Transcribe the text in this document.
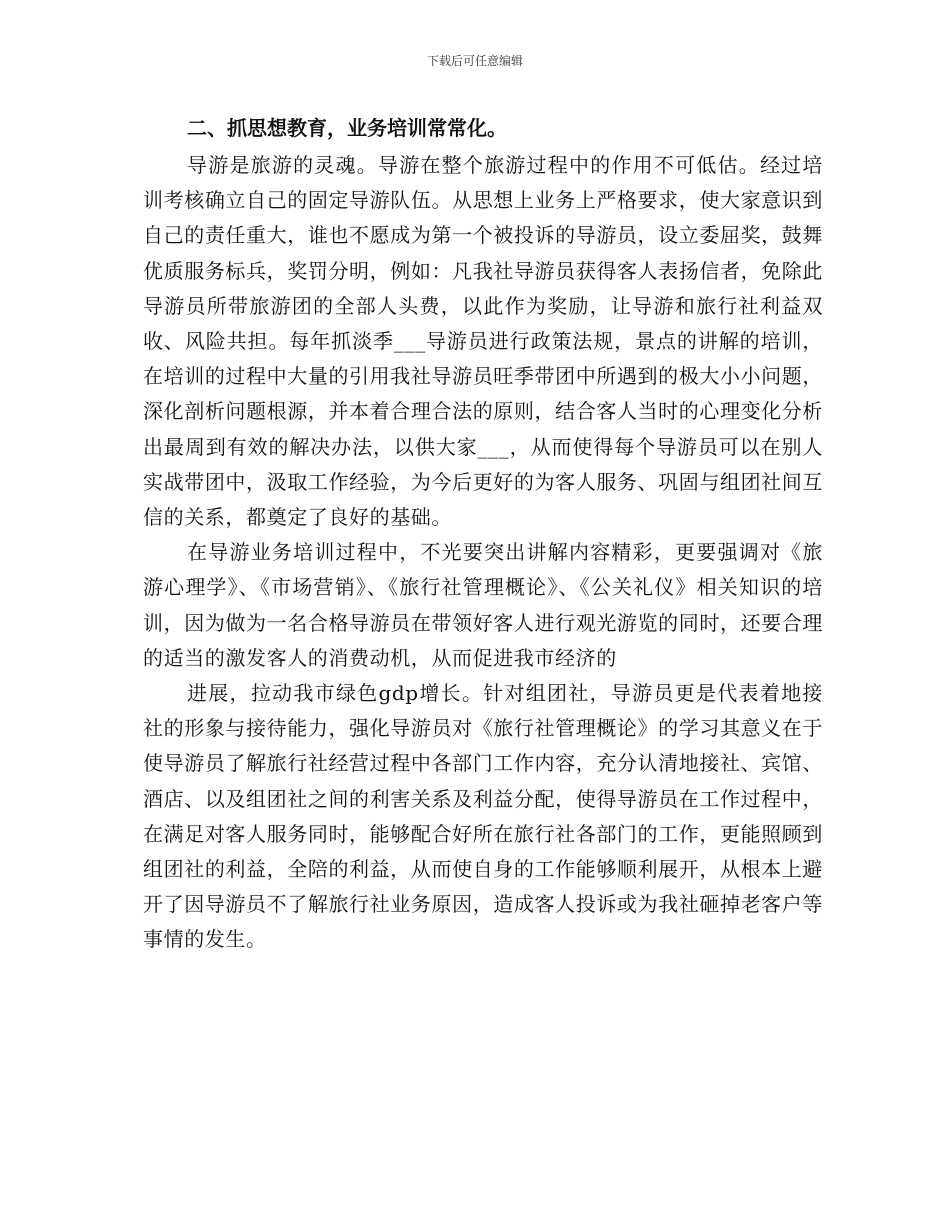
下载后可任意编辑
二、抓思想教育，业务培训常常化。

导游是旅游的灵魂。导游在整个旅游过程中的作用不可低估。经过培训考核确立自己的固定导游队伍。从思想上业务上严格要求，使大家意识到自己的责任重大，谁也不愿成为第一个被投诉的导游员，设立委屈奖，鼓舞优质服务标兵，奖罚分明，例如：凡我社导游员获得客人表扬信者，免除此导游员所带旅游团的全部人头费，以此作为奖励，让导游和旅行社利益双收、风险共担。每年抓淡季___导游员进行政策法规，景点的讲解的培训，在培训的过程中大量的引用我社导游员旺季带团中所遇到的极大小小问题，深化剖析问题根源，并本着合理合法的原则，结合客人当时的心理变化分析出最周到有效的解决办法，以供大家___，从而使得每个导游员可以在别人实战带团中，汲取工作经验，为今后更好的为客人服务、巩固与组团社间互信的关系，都奠定了良好的基础。

在导游业务培训过程中，不光要突出讲解内容精彩，更要强调对《旅游心理学》、《市场营销》、《旅行社管理概论》、《公关礼仪》相关知识的培训，因为做为一名合格导游员在带领好客人进行观光游览的同时，还要合理的适当的激发客人的消费动机，从而促进我市经济的

进展，拉动我市绿色gdp增长。针对组团社，导游员更是代表着地接社的形象与接待能力，强化导游员对《旅行社管理概论》的学习其意义在于使导游员了解旅行社经营过程中各部门工作内容，充分认清地接社、宾馆、酒店、以及组团社之间的利害关系及利益分配，使得导游员在工作过程中，在满足对客人服务同时，能够配合好所在旅行社各部门的工作，更能照顾到组团社的利益，全陪的利益，从而使自身的工作能够顺利展开，从根本上避开了因导游员不了解旅行社业务原因，造成客人投诉或为我社砸掉老客户等事情的发生。
